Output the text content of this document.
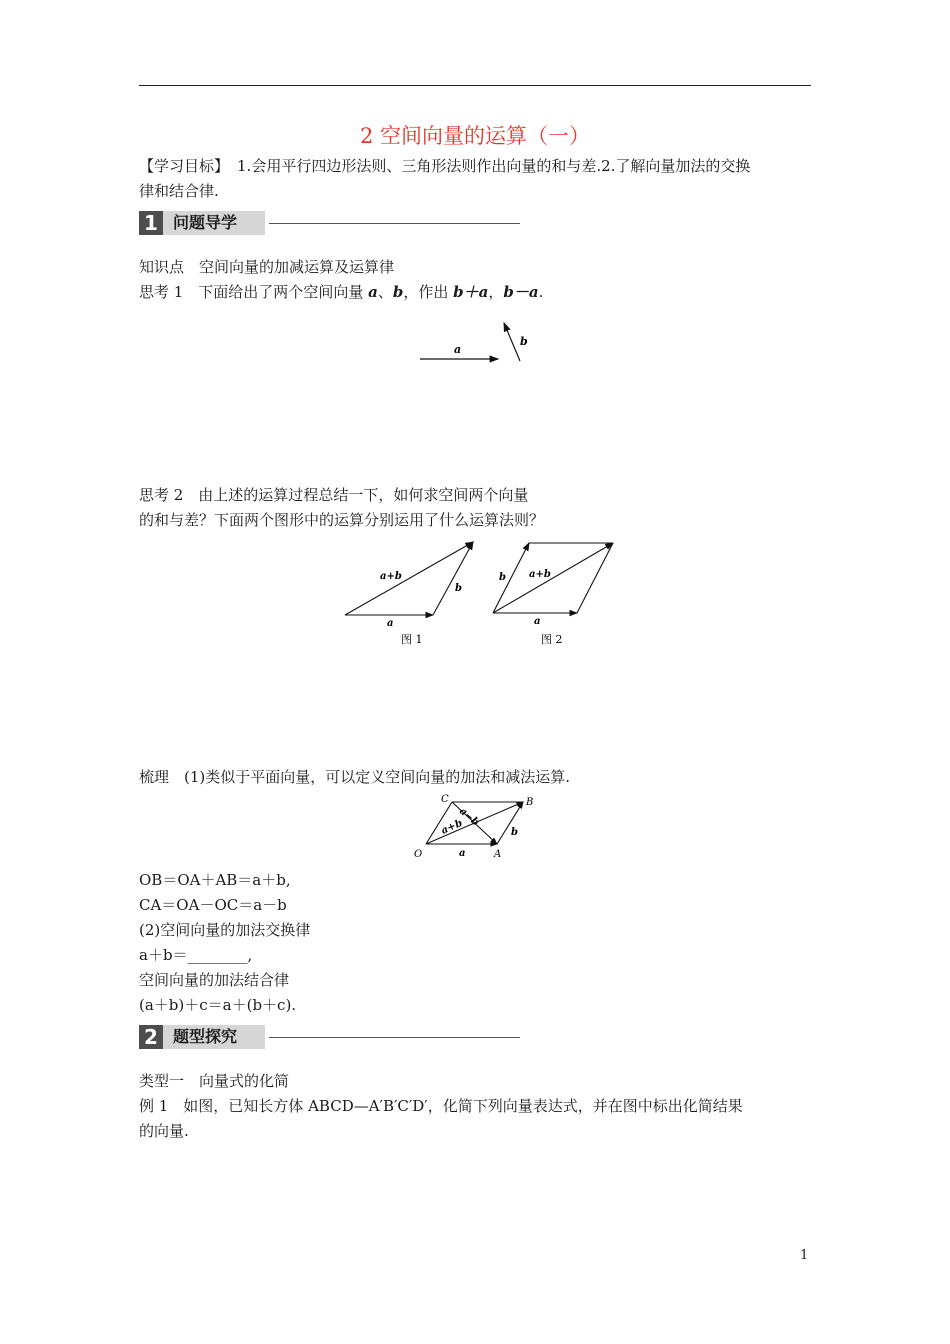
2 空间向量的运算（一）
【学习目标】 1.会用平行四边形法则、三角形法则作出向量的和与差.2.了解向量加法的交换
律和结合律.
1 问题导学
知识点　空间向量的加减运算及运算律
思考 1　下面给出了两个空间向量 a、b，作出 b＋a，b－a.
a
b
思考 2　由上述的运算过程总结一下，如何求空间两个向量
的和与差？下面两个图形中的运算分别运用了什么运算法则？
a+b
b
a
图 1
b a+b
a
图 2
梳理　(1)类似于平面向量，可以定义空间向量的加法和减法运算.
C	B
O	A
a
b
a+b
a−b
OB＝OA＋AB＝a＋b,
CA＝OA－OC＝a－b
(2)空间向量的加法交换律
a＋b＝________,
空间向量的加法结合律
(a＋b)＋c＝a＋(b＋c).
2 题型探究
类型一　向量式的化简
例 1　如图，已知长方体 ABCD—A′B′C′D′，化简下列向量表达式，并在图中标出化简结果
的向量.
1
